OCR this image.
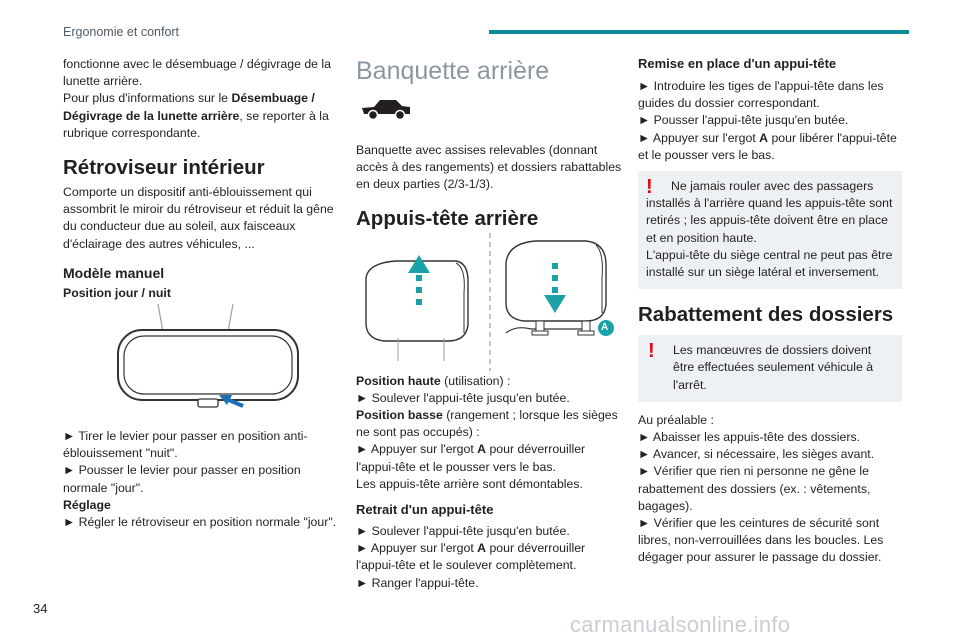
Ergonomie et confort

fonctionne avec le désembuage / dégivrage de la lunette arrière.

Pour plus d'informations sur le Désembuage / Dégivrage de la lunette arrière, se reporter à la rubrique correspondante.

Rétroviseur intérieur

Comporte un dispositif anti-éblouissement qui assombrit le miroir du rétroviseur et réduit la gêne du conducteur due au soleil, aux faisceaux d'éclairage des autres véhicules, ...

Modèle manuel

Position jour / nuit

► Tirer le levier pour passer en position anti-éblouissement "nuit".

► Pousser le levier pour passer en position normale "jour".

Réglage

► Régler le rétroviseur en position normale "jour".

Banquette arrière

Banquette avec assises relevables (donnant accès à des rangements) et dossiers rabattables en deux parties (2/3-1/3).

Appuis-tête arrière
A

Position haute (utilisation) :

► Soulever l'appui-tête jusqu'en butée.

Position basse (rangement ; lorsque les sièges ne sont pas occupés) :

► Appuyer sur l'ergot A pour déverrouiller l'appui-tête et le pousser vers le bas.

Les appuis-tête arrière sont démontables.

Retrait d'un appui-tête

► Soulever l'appui-tête jusqu'en butée.

► Appuyer sur l'ergot A pour déverrouiller l'appui-tête et le soulever complètement.

► Ranger l'appui-tête.

Remise en place d'un appui-tête

► Introduire les tiges de l'appui-tête dans les guides du dossier correspondant.

► Pousser l'appui-tête jusqu'en butée.

► Appuyer sur l'ergot A pour libérer l'appui-tête et le pousser vers le bas.

!	Ne jamais rouler avec des passagers installés à l'arrière quand les appuis-tête sont retirés ; les appuis-tête doivent être en place et en position haute.

L'appui-tête du siège central ne peut pas être installé sur un siège latéral et inversement.

Rabattement des dossiers
! Les manœuvres de dossiers doivent être effectuées seulement véhicule à l'arrêt.

Au préalable :

► Abaisser les appuis-tête des dossiers.

► Avancer, si nécessaire, les sièges avant.

► Vérifier que rien ni personne ne gêne le rabattement des dossiers (ex. : vêtements, bagages).

► Vérifier que les ceintures de sécurité sont libres, non-verrouillées dans les boucles. Les dégager pour assurer le passage du dossier.

34
carmanualsonline.info
